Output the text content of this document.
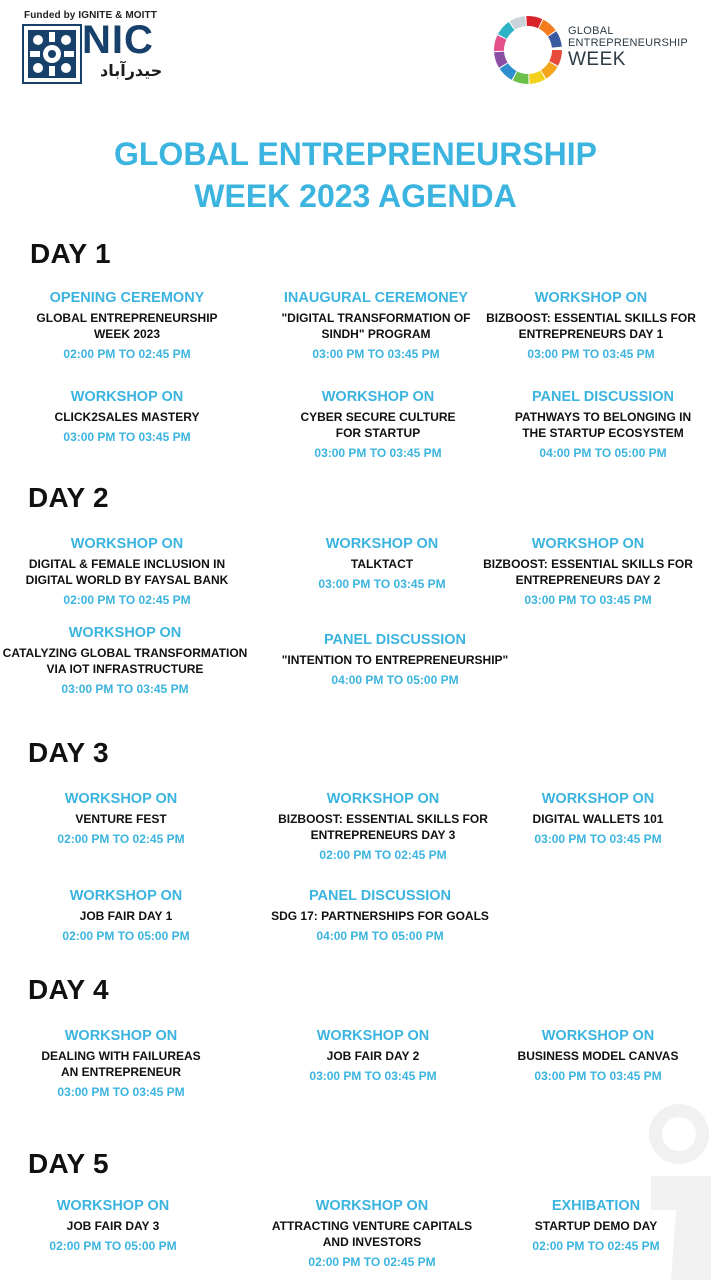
Funded by IGNITE & MOITT
NIC
حیدرآباد
GLOBAL
ENTREPRENEURSHIP
WEEK
GLOBAL ENTREPRENEURSHIP
WEEK 2023 AGENDA
DAY 1
DAY 2
DAY 3
DAY 4
DAY 5
OPENING CEREMONY
GLOBAL ENTREPRENEURSHIP
WEEK 2023
02:00 PM TO 02:45 PM
INAUGURAL CEREMONEY
"DIGITAL TRANSFORMATION OF
SINDH" PROGRAM
03:00 PM TO 03:45 PM
WORKSHOP ON
BIZBOOST: ESSENTIAL SKILLS FOR
ENTREPRENEURS DAY 1
03:00 PM TO 03:45 PM
WORKSHOP ON
CLICK2SALES MASTERY
03:00 PM TO 03:45 PM
WORKSHOP ON
CYBER SECURE CULTURE
FOR STARTUP
03:00 PM TO 03:45 PM
PANEL DISCUSSION
PATHWAYS TO BELONGING IN
THE STARTUP ECOSYSTEM
04:00 PM TO 05:00 PM
WORKSHOP ON
DIGITAL & FEMALE INCLUSION IN
DIGITAL WORLD BY FAYSAL BANK
02:00 PM TO 02:45 PM
WORKSHOP ON
TALKTACT
03:00 PM TO 03:45 PM
WORKSHOP ON
BIZBOOST: ESSENTIAL SKILLS FOR
ENTREPRENEURS DAY 2
03:00 PM TO 03:45 PM
WORKSHOP ON
CATALYZING GLOBAL TRANSFORMATION
VIA IOT INFRASTRUCTURE
03:00 PM TO 03:45 PM
PANEL DISCUSSION
"INTENTION TO ENTREPRENEURSHIP"
04:00 PM TO 05:00 PM
WORKSHOP ON
VENTURE FEST
02:00 PM TO 02:45 PM
WORKSHOP ON
BIZBOOST: ESSENTIAL SKILLS FOR
ENTREPRENEURS DAY 3
02:00 PM TO 02:45 PM
WORKSHOP ON
DIGITAL WALLETS 101
03:00 PM TO 03:45 PM
WORKSHOP ON
JOB FAIR DAY 1
02:00 PM TO 05:00 PM
PANEL DISCUSSION
SDG 17: PARTNERSHIPS FOR GOALS
04:00 PM TO 05:00 PM
WORKSHOP ON
DEALING WITH FAILUREAS
AN ENTREPRENEUR
03:00 PM TO 03:45 PM
WORKSHOP ON
JOB FAIR DAY 2
03:00 PM TO 03:45 PM
WORKSHOP ON
BUSINESS MODEL CANVAS
03:00 PM TO 03:45 PM
WORKSHOP ON
JOB FAIR DAY 3
02:00 PM TO 05:00 PM
WORKSHOP ON
ATTRACTING VENTURE CAPITALS
AND INVESTORS
02:00 PM TO 02:45 PM
EXHIBATION
STARTUP DEMO DAY
02:00 PM TO 02:45 PM
